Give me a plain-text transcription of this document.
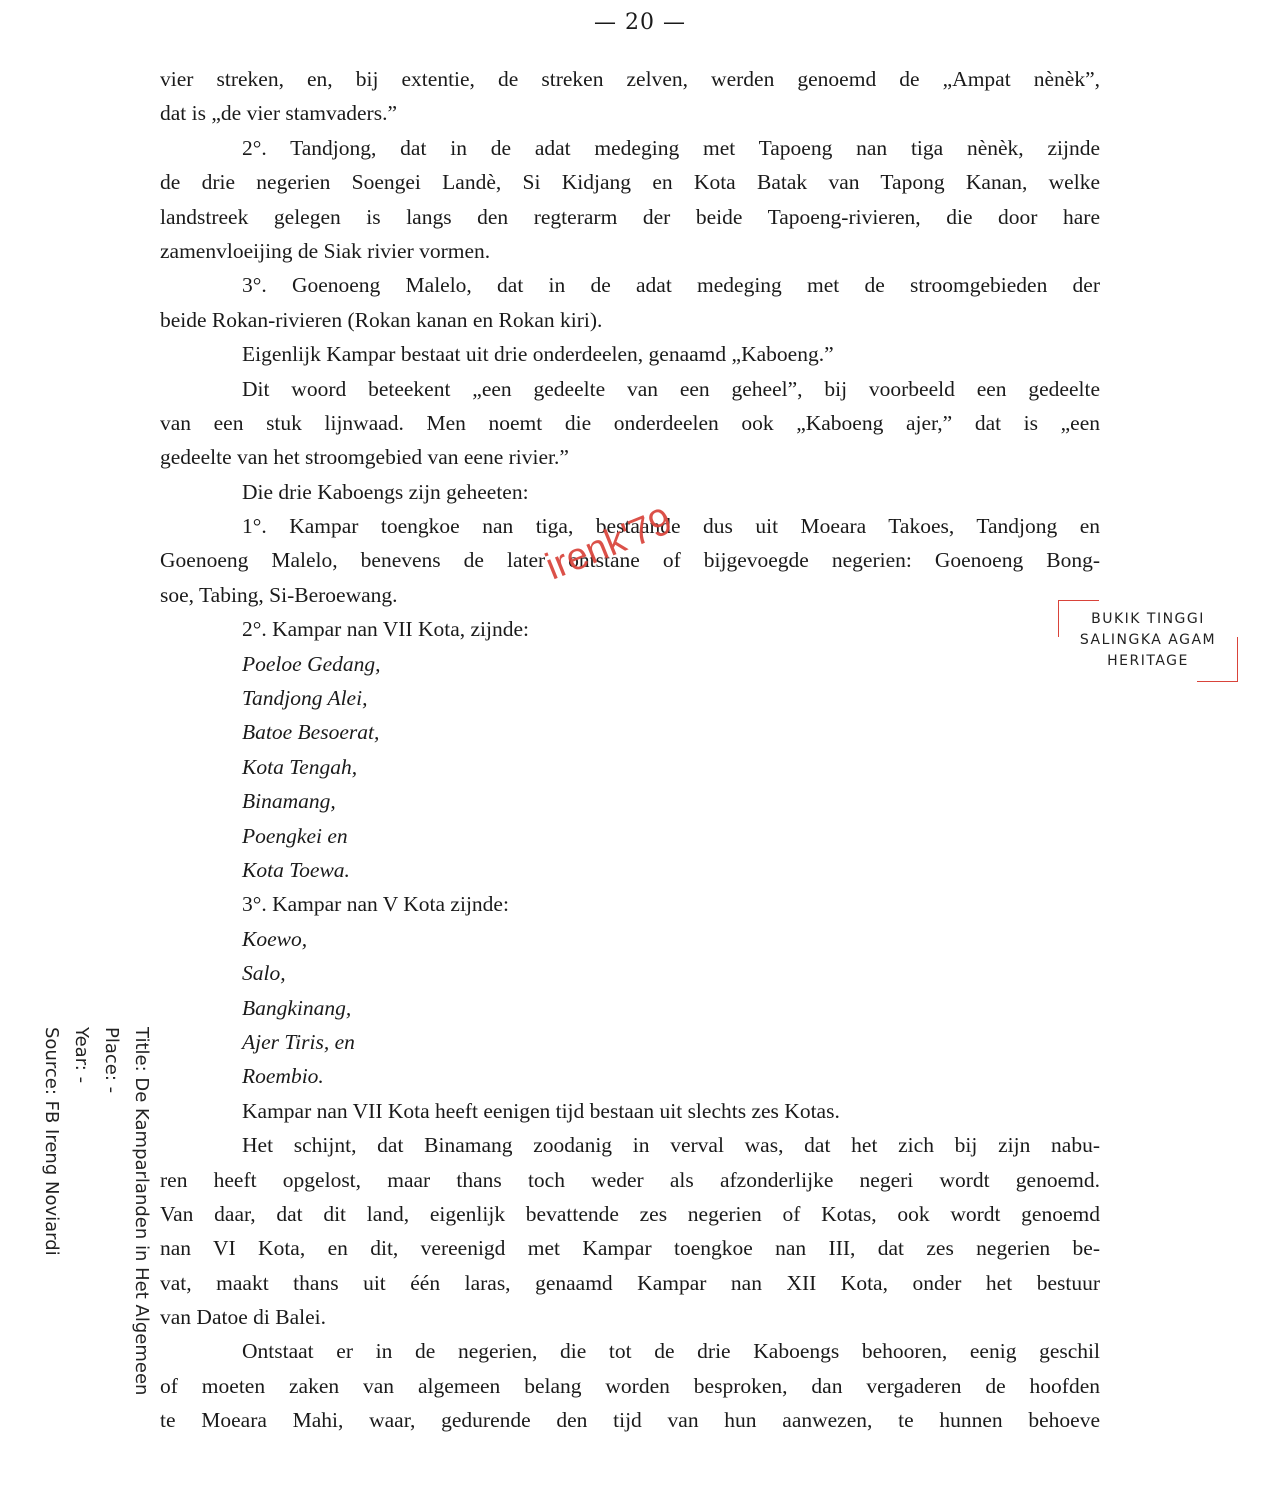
— 20 —
vier streken, en, bij extentie, de streken zelven, werden genoemd de „Ampat nènèk”,
dat is „de vier stamvaders.”
2°. Tandjong, dat in de adat medeging met Tapoeng nan tiga nènèk, zijnde
de drie negerien Soengei Landè, Si Kidjang en Kota Batak van Tapong Kanan, welke
landstreek gelegen is langs den regterarm der beide Tapoeng-rivieren, die door hare
zamenvloeijing de Siak rivier vormen.
3°. Goenoeng Malelo, dat in de adat medeging met de stroomgebieden der
beide Rokan-rivieren (Rokan kanan en Rokan kiri).
Eigenlijk Kampar bestaat uit drie onderdeelen, genaamd „Kaboeng.”
Dit woord beteekent „een gedeelte van een geheel”, bij voorbeeld een gedeelte
van een stuk lijnwaad. Men noemt die onderdeelen ook „Kaboeng ajer,” dat is „een
gedeelte van het stroomgebied van eene rivier.”
Die drie Kaboengs zijn geheeten:
1°. Kampar toengkoe nan tiga, bestaande dus uit Moeara Takoes, Tandjong en
Goenoeng Malelo, benevens de later ontstane of bijgevoegde negerien: Goenoeng Bong-
soe, Tabing, Si-Beroewang.
2°. Kampar nan VII Kota, zijnde:
Poeloe Gedang,
Tandjong Alei,
Batoe Besoerat,
Kota Tengah,
Binamang,
Poengkei en
Kota Toewa.
3°. Kampar nan V Kota zijnde:
Koewo,
Salo,
Bangkinang,
Ajer Tiris, en
Roembio.
Kampar nan VII Kota heeft eenigen tijd bestaan uit slechts zes Kotas.
Het schijnt, dat Binamang zoodanig in verval was, dat het zich bij zijn nabu-
ren heeft opgelost, maar thans toch weder als afzonderlijke negeri wordt genoemd.
Van daar, dat dit land, eigenlijk bevattende zes negerien of Kotas, ook wordt genoemd
nan VI Kota, en dit, vereenigd met Kampar toengkoe nan III, dat zes negerien be-
vat, maakt thans uit één laras, genaamd Kampar nan XII Kota, onder het bestuur
van Datoe di Balei.
Ontstaat er in de negerien, die tot de drie Kaboengs behooren, eenig geschil
of moeten zaken van algemeen belang worden besproken, dan vergaderen de hoofden
te Moeara Mahi, waar, gedurende den tijd van hun aanwezen, te hunnen behoeve
irenk'79
BUKIK TINGGI
SALINGKA AGAM
HERITAGE
Title: De Kamparlanden in Het Algemeen
Place: -
Year: -
Source: FB Ireng Noviardi
